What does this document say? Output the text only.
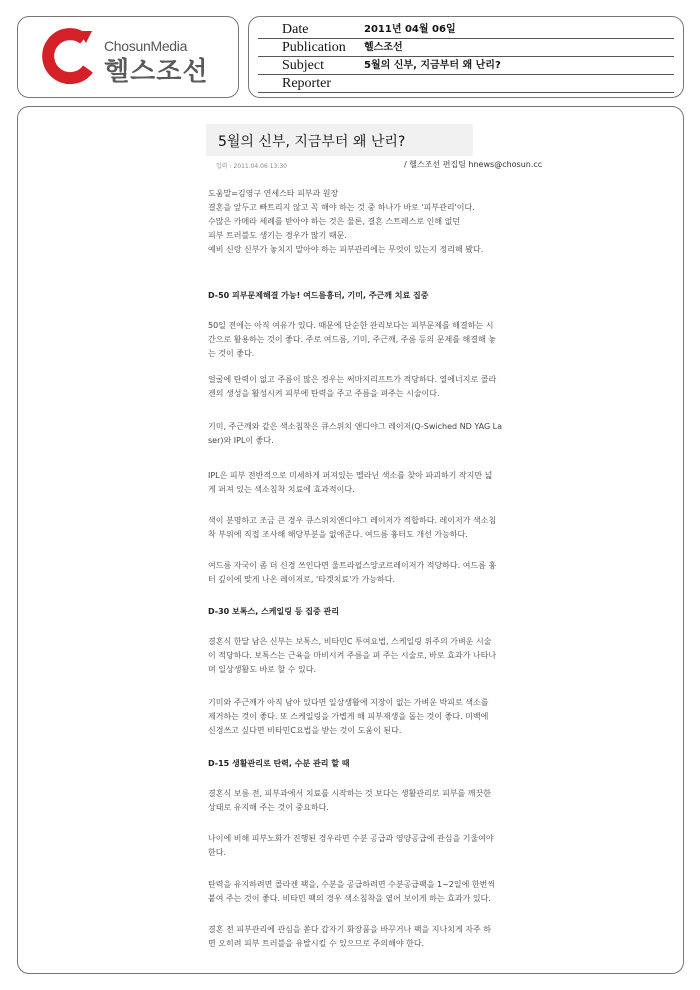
ChosunMedia
헬스조선
Date	2011년 04월 06일
Publication 헬스조선
Subject	5월의 신부, 지금부터 왜 난리?
Reporter
5월의 신부, 지금부터 왜 난리?
입력 : 2011.04.06 13:30	/ 헬스조선 편집팀 hnews@chosun.cc

도움말=김영구 연세스타 피부과 원장

결혼을 앞두고 빠트리지 않고 꼭 해야 하는 것 중 하나가 바로 '피부관리'이다.

수많은 카메라 세례를 받아야 하는 것은 물론, 결혼 스트레스로 인해 없던

피부 트러블도 생기는 경우가 많기 때문.

예비 신랑 신부가 놓치지 말아야 하는 피부관리에는 무엇이 있는지 정리해 봤다.

D-50 피부문제해결 가능! 여드름흉터, 기미, 주근깨 치료 집중

50일 전에는 아직 여유가 있다. 때문에 단순한 관리보다는 피부문제를 해결하는 시

간으로 활용하는 것이 좋다. 주로 여드름, 기미, 주근깨, 주름 등의 문제를 해결해 놓

는 것이 좋다.

얼굴에 탄력이 없고 주름이 많은 경우는 써마지리프트가 적당하다. 열에너지로 콜라

겐의 생성을 활성시켜 피부에 탄력을 주고 주름을 펴주는 시술이다.

기미, 주근깨와 같은 색소침착은 큐스위치 앤디야그 레이저(Q-Swiched ND YAG La

ser)와 IPL이 좋다.

IPL은 피부 전반적으로 미세하게 퍼져있는 멜라닌 색소를 찾아 파괴하기 작지만 넓

게 퍼져 있는 색소침착 치료에 효과적이다.

색이 분명하고 조금 큰 경우 큐스위치앤디야그 레이저가 적합하다. 레이저가 색소침

착 부위에 직접 조사해 해당부분을 없애준다. 여드름 흉터도 개선 가능하다.

여드름 자국이 좀 더 신경 쓰인다면 울트라펄스앙코르레이저가 적당하다. 여드름 흉

터 깊이에 맞게 나온 레이저로, '타겟치료'가 가능하다.

D-30 보톡스, 스케일링 등 집중 관리

결혼식 한달 남은 신부는 보톡스, 비타민C 투여요법, 스케일링 위주의 가벼운 시술

이 적당하다. 보톡스는 근육을 마비시켜 주름을 펴 주는 시술로, 바로 효과가 나타나

며 일상생활도 바로 할 수 있다.

기미와 주근깨가 아직 남아 있다면 일상생활에 지장이 없는 가벼운 박피로 색소를

제거하는 것이 좋다. 또 스케일링을 가볍게 해 피부재생을 돕는 것이 좋다. 미백에

신경쓰고 싶다면 비타민C요법을 받는 것이 도움이 된다.

D-15 생활관리로 탄력, 수분 관리 할 때

결혼식 보름 전, 피부과에서 치료를 시작하는 것 보다는 생활관리로 피부를 깨끗한

상태로 유지해 주는 것이 중요하다.

나이에 비해 피부노화가 진행된 경우라면 수분 공급과 영양공급에 관심을 기울여야

한다.

탄력을 유지하려면 콜라겐 팩을, 수분을 공급하려면 수분공급팩을 1~2일에 한번씩

붙여 주는 것이 좋다. 비타민 팩의 경우 색소침착을 옅어 보이게 하는 효과가 있다.

결혼 전 피부관리에 관심을 쏟다 갑자기 화장품을 바꾸거나 팩을 지나치게 자주 하

면 오히려 피부 트러블을 유발시킬 수 있으므로 주의해야 한다.
